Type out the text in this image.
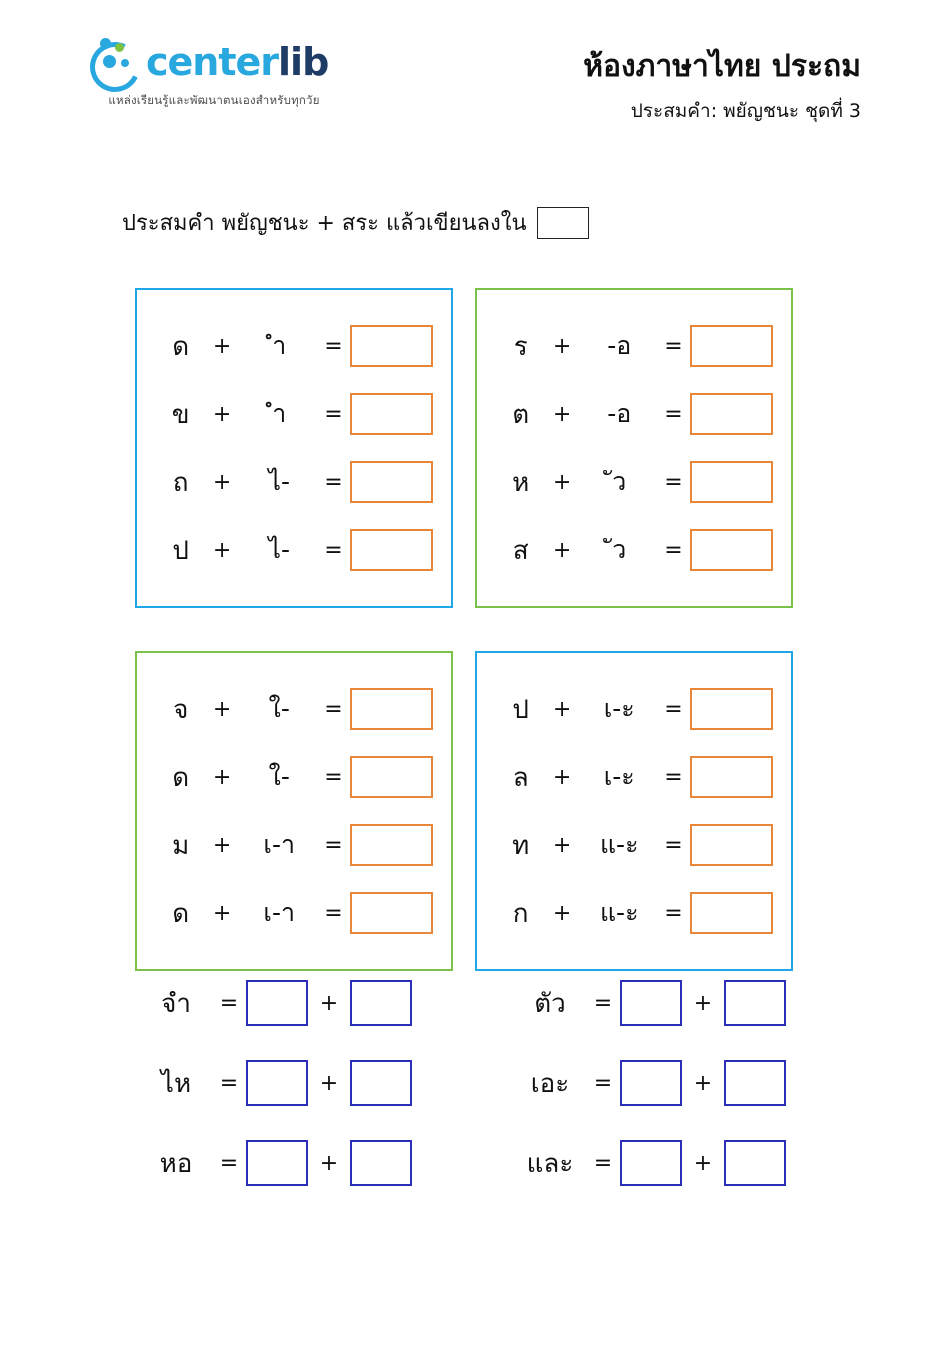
centerlib
แหล่งเรียนรู้และพัฒนาตนเองสำหรับทุกวัย
ห้องภาษาไทย ประถม
ประสมคำ: พยัญชนะ ชุดที่ 3
ประสมคำ พยัญชนะ + สระ แล้วเขียนลงใน
ด	+	ํา	=
ข	+	ํา	=
ถ	+	ไ-	=
ป	+	ไ-	=
ร	+	-อ	=
ต	+	-อ	=
ห	+	ัว	=
ส	+	ัว	=
จ	+	ใ-	=
ด	+	ใ-	=
ม	+	เ-า	=
ด	+	เ-า	=
ป	+	เ-ะ	=
ล	+	เ-ะ	=
ท	+	แ-ะ	=
ก	+	แ-ะ	=
จำ	=	+
ไห	=	+
หอ	=	+
ตัว	=	+
เอะ	=	+
และ =	+
